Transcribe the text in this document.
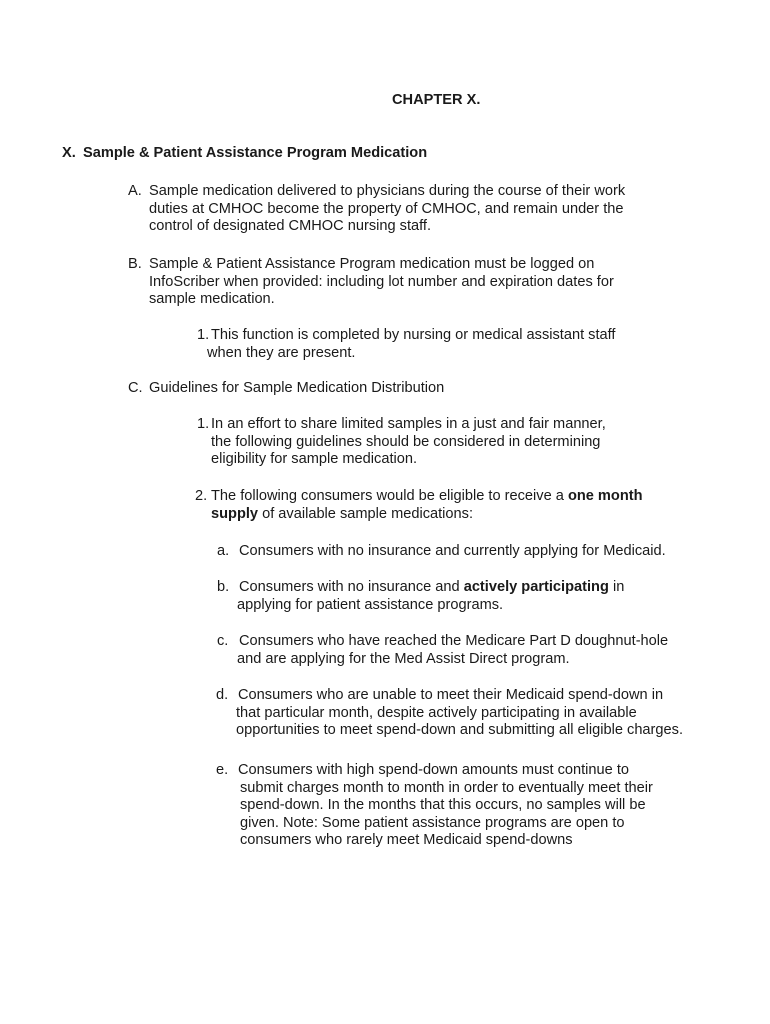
CHAPTER X.
X. Sample & Patient Assistance Program Medication
A. Sample medication delivered to physicians during the course of their work
duties at CMHOC become the property of CMHOC, and remain under the
control of designated CMHOC nursing staff.
B. Sample & Patient Assistance Program medication must be logged on
InfoScriber when provided: including lot number and expiration dates for
sample medication.
1. This function is completed by nursing or medical assistant staff
when they are present.
C. Guidelines for Sample Medication Distribution
1. In an effort to share limited samples in a just and fair manner,
the following guidelines should be considered in determining
eligibility for sample medication.
2. The following consumers would be eligible to receive a one month
supply of available sample medications:
a. Consumers with no insurance and currently applying for Medicaid.
b. Consumers with no insurance and actively participating in
applying for patient assistance programs.
c. Consumers who have reached the Medicare Part D doughnut-hole
and are applying for the Med Assist Direct program.
d. Consumers who are unable to meet their Medicaid spend-down in
that particular month, despite actively participating in available
opportunities to meet spend-down and submitting all eligible charges.
e. Consumers with high spend-down amounts must continue to
submit charges month to month in order to eventually meet their
spend-down. In the months that this occurs, no samples will be
given. Note: Some patient assistance programs are open to
consumers who rarely meet Medicaid spend-downs
